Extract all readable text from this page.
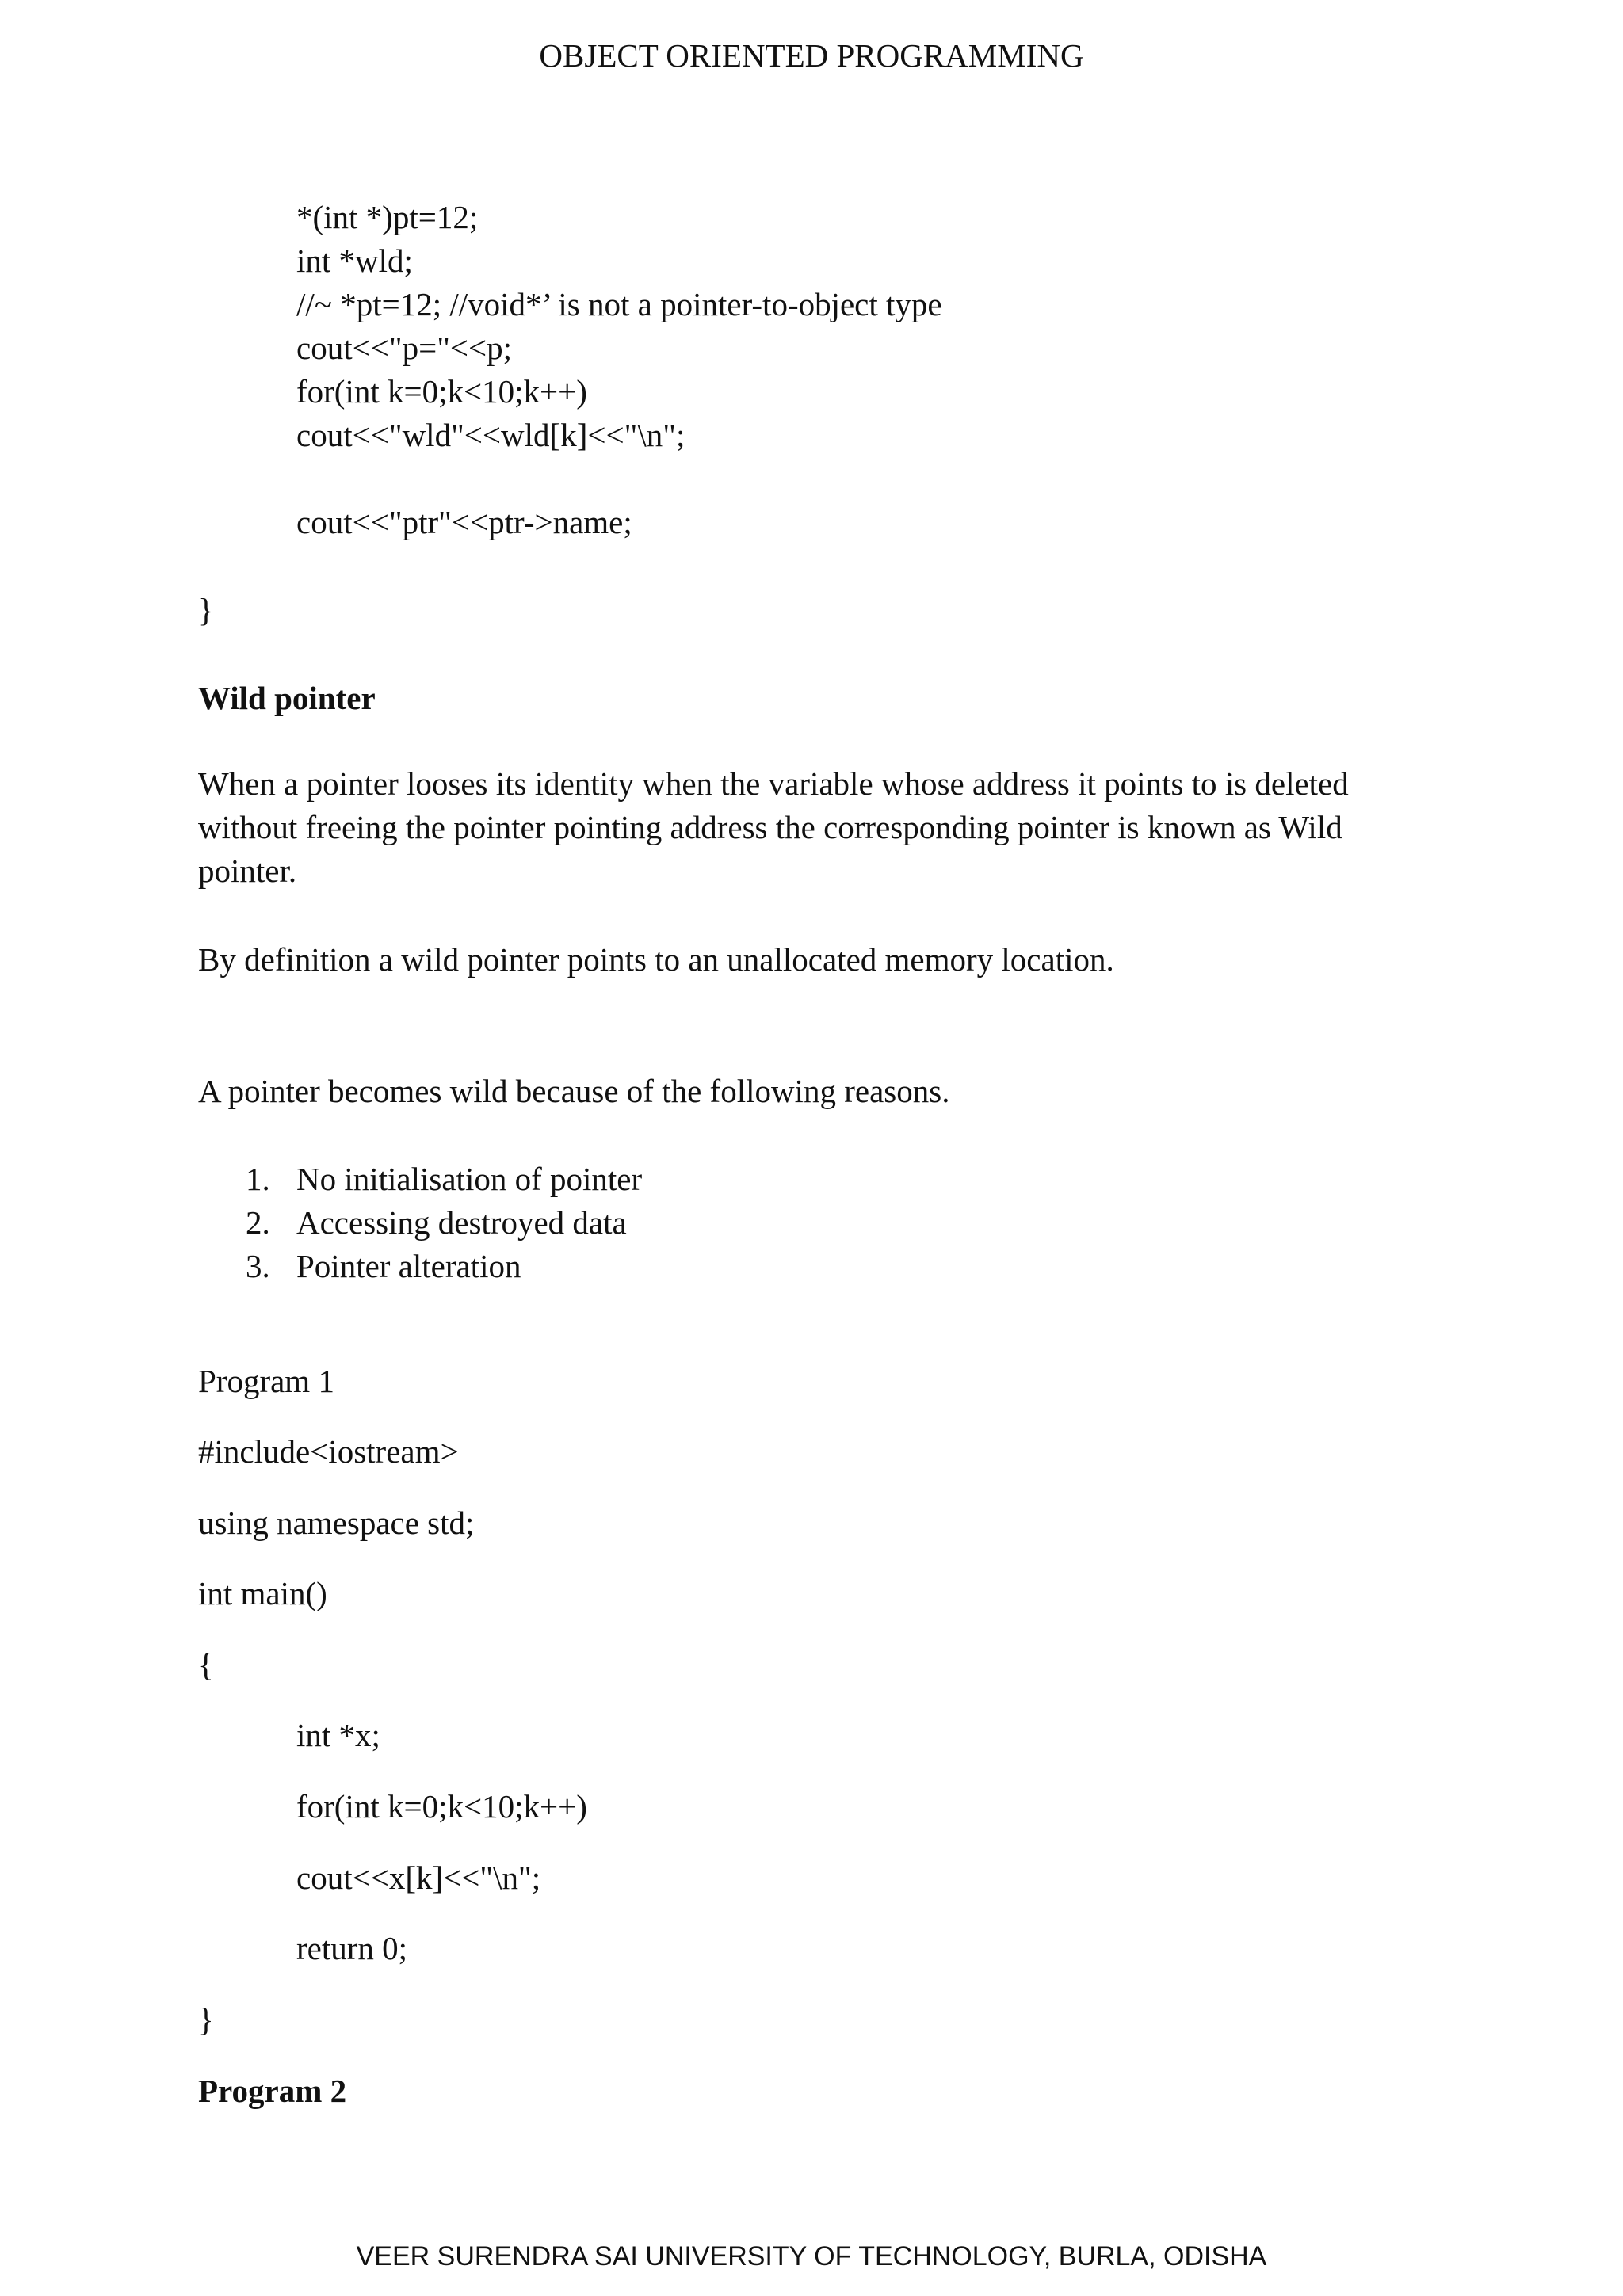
OBJECT ORIENTED PROGRAMMING
*(int *)pt=12;
int *wld;
//~ *pt=12; //void*’ is not a pointer-to-object type
cout<<"p="<<p;
for(int k=0;k<10;k++)
cout<<"wld"<<wld[k]<<"\n";
cout<<"ptr"<<ptr->name;
}
Wild pointer
When a pointer looses its identity when the variable whose address it points to is deleted without freeing the pointer pointing address the corresponding pointer is known as Wild pointer.
By definition a wild pointer points to an unallocated memory location.
A pointer becomes wild because of the following reasons.
1. No initialisation of pointer
2. Accessing destroyed data
3. Pointer alteration
Program 1
#include<iostream>
using namespace std;
int main()
{
int *x;
for(int k=0;k<10;k++)
cout<<x[k]<<"\n";
return 0;
}
Program 2
VEER SURENDRA SAI UNIVERSITY OF TECHNOLOGY, BURLA, ODISHA
